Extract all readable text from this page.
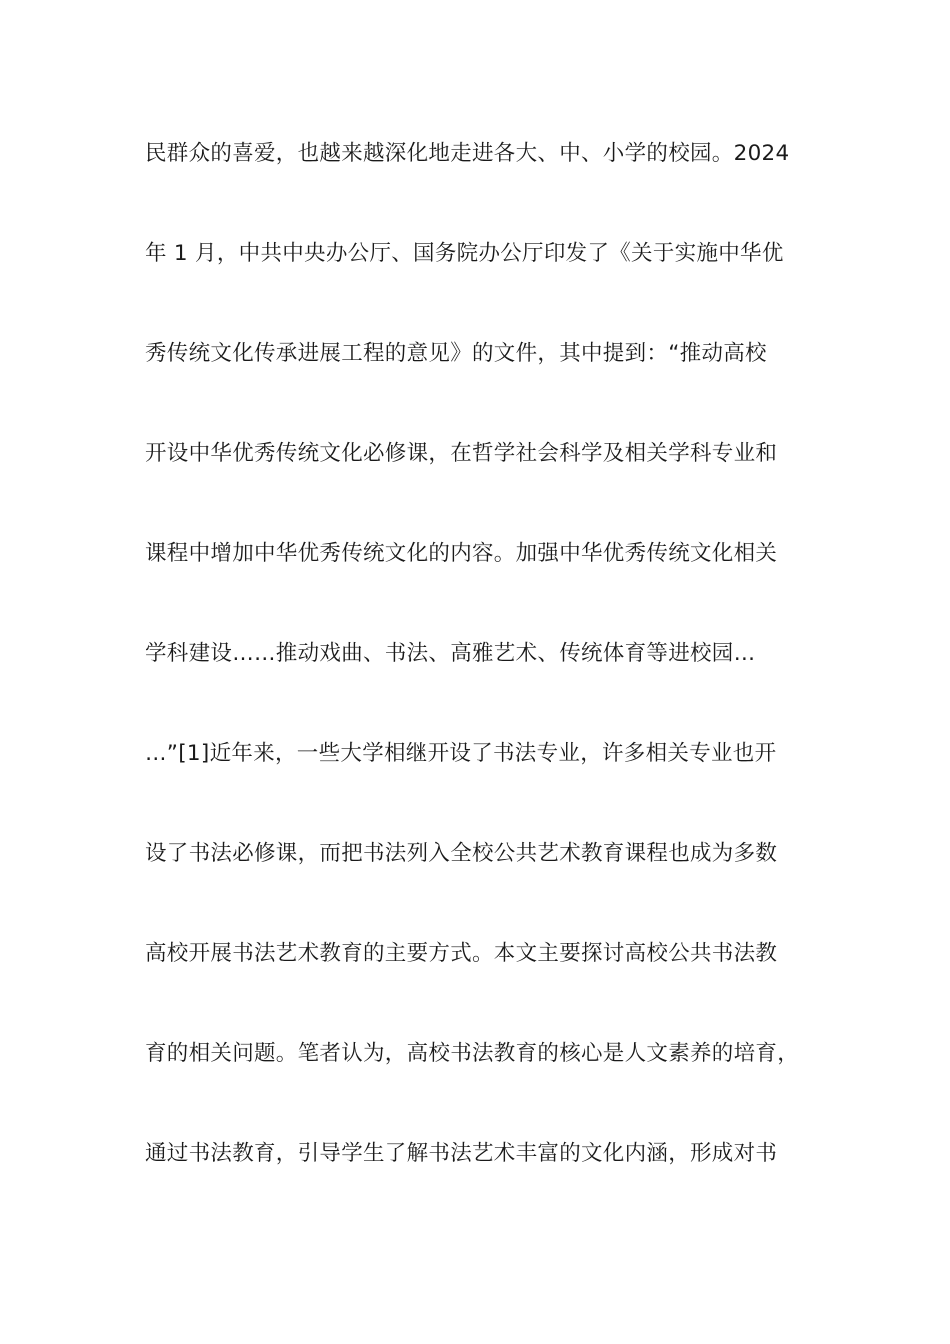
民群众的喜爱，也越来越深化地走进各大、中、小学的校园。2024
年 1 月，中共中央办公厅、国务院办公厅印发了《关于实施中华优
秀传统文化传承进展工程的意见》的文件，其中提到：“推动高校
开设中华优秀传统文化必修课，在哲学社会科学及相关学科专业和
课程中增加中华优秀传统文化的内容。加强中华优秀传统文化相关
学科建设……推动戏曲、书法、高雅艺术、传统体育等进校园…
…”[1]近年来，一些大学相继开设了书法专业，许多相关专业也开
设了书法必修课，而把书法列入全校公共艺术教育课程也成为多数
高校开展书法艺术教育的主要方式。本文主要探讨高校公共书法教
育的相关问题。笔者认为，高校书法教育的核心是人文素养的培育，
通过书法教育，引导学生了解书法艺术丰富的文化内涵，形成对书
